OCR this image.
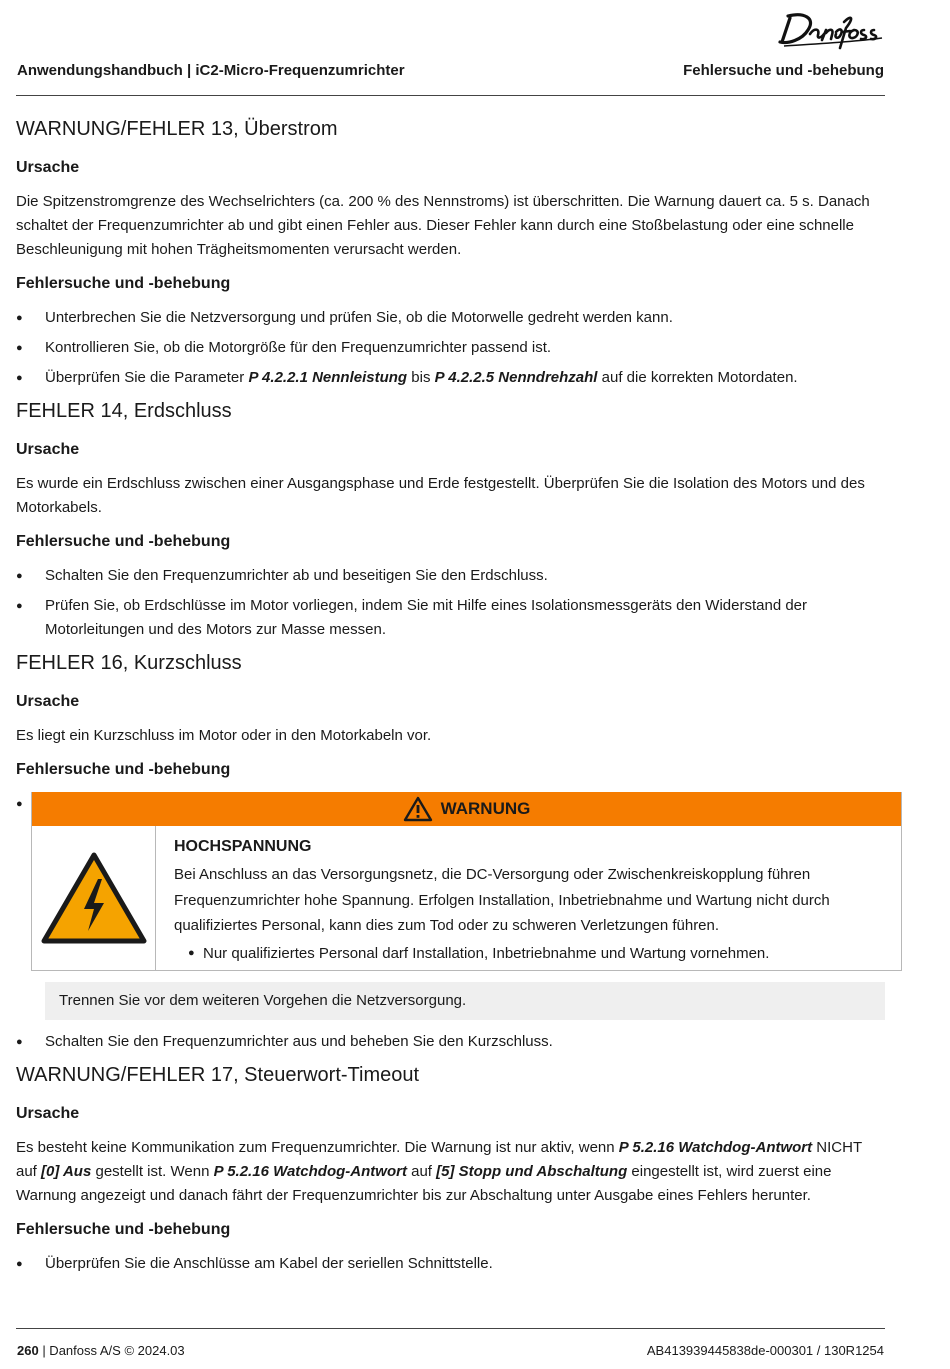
Anwendungshandbuch | iC2-Micro-Frequenzumrichter	Fehlersuche und -behebung
WARNUNG/FEHLER 13, Überstrom
Ursache

Die Spitzenstromgrenze des Wechselrichters (ca. 200 % des Nennstroms) ist überschritten. Die Warnung dauert ca. 5 s. Danach schaltet der Frequenzumrichter ab und gibt einen Fehler aus. Dieser Fehler kann durch eine Stoßbelastung oder eine schnelle Beschleunigung mit hohen Trägheitsmomenten verursacht werden.

Fehlersuche und -behebung
● Unterbrechen Sie die Netzversorgung und prüfen Sie, ob die Motorwelle gedreht werden kann.
● Kontrollieren Sie, ob die Motorgröße für den Frequenzumrichter passend ist.
● Überprüfen Sie die Parameter P 4.2.2.1 Nennleistung bis P 4.2.2.5 Nenndrehzahl auf die korrekten Motordaten.
FEHLER 14, Erdschluss
Ursache

Es wurde ein Erdschluss zwischen einer Ausgangsphase und Erde festgestellt. Überprüfen Sie die Isolation des Motors und des Motorkabels.

Fehlersuche und -behebung
● Schalten Sie den Frequenzumrichter ab und beseitigen Sie den Erdschluss.
● Prüfen Sie, ob Erdschlüsse im Motor vorliegen, indem Sie mit Hilfe eines Isolationsmessgeräts den Widerstand der Motorleitungen und des Motors zur Masse messen.
FEHLER 16, Kurzschluss
Ursache

Es liegt ein Kurzschluss im Motor oder in den Motorkabeln vor.

Fehlersuche und -behebung
●	WARNUNG
HOCHSPANNUNG

Bei Anschluss an das Versorgungsnetz, die DC-Versorgung oder Zwischenkreiskopplung führen Frequenzumrichter hohe Spannung. Erfolgen Installation, Inbetriebnahme und Wartung nicht durch qualifiziertes Personal, kann dies zum Tod oder zu schweren Verletzungen führen.

● Nur qualifiziertes Personal darf Installation, Inbetriebnahme und Wartung vornehmen.
Trennen Sie vor dem weiteren Vorgehen die Netzversorgung.
● Schalten Sie den Frequenzumrichter aus und beheben Sie den Kurzschluss.
WARNUNG/FEHLER 17, Steuerwort-Timeout
Ursache

Es besteht keine Kommunikation zum Frequenzumrichter. Die Warnung ist nur aktiv, wenn P 5.2.16 Watchdog-Antwort NICHT auf [0] Aus gestellt ist. Wenn P 5.2.16 Watchdog-Antwort auf [5] Stopp und Abschaltung eingestellt ist, wird zuerst eine Warnung angezeigt und danach fährt der Frequenzumrichter bis zur Abschaltung unter Ausgabe eines Fehlers herunter.

Fehlersuche und -behebung
● Überprüfen Sie die Anschlüsse am Kabel der seriellen Schnittstelle.
260 | Danfoss A/S © 2024.03	AB413939445838de-000301 / 130R1254
